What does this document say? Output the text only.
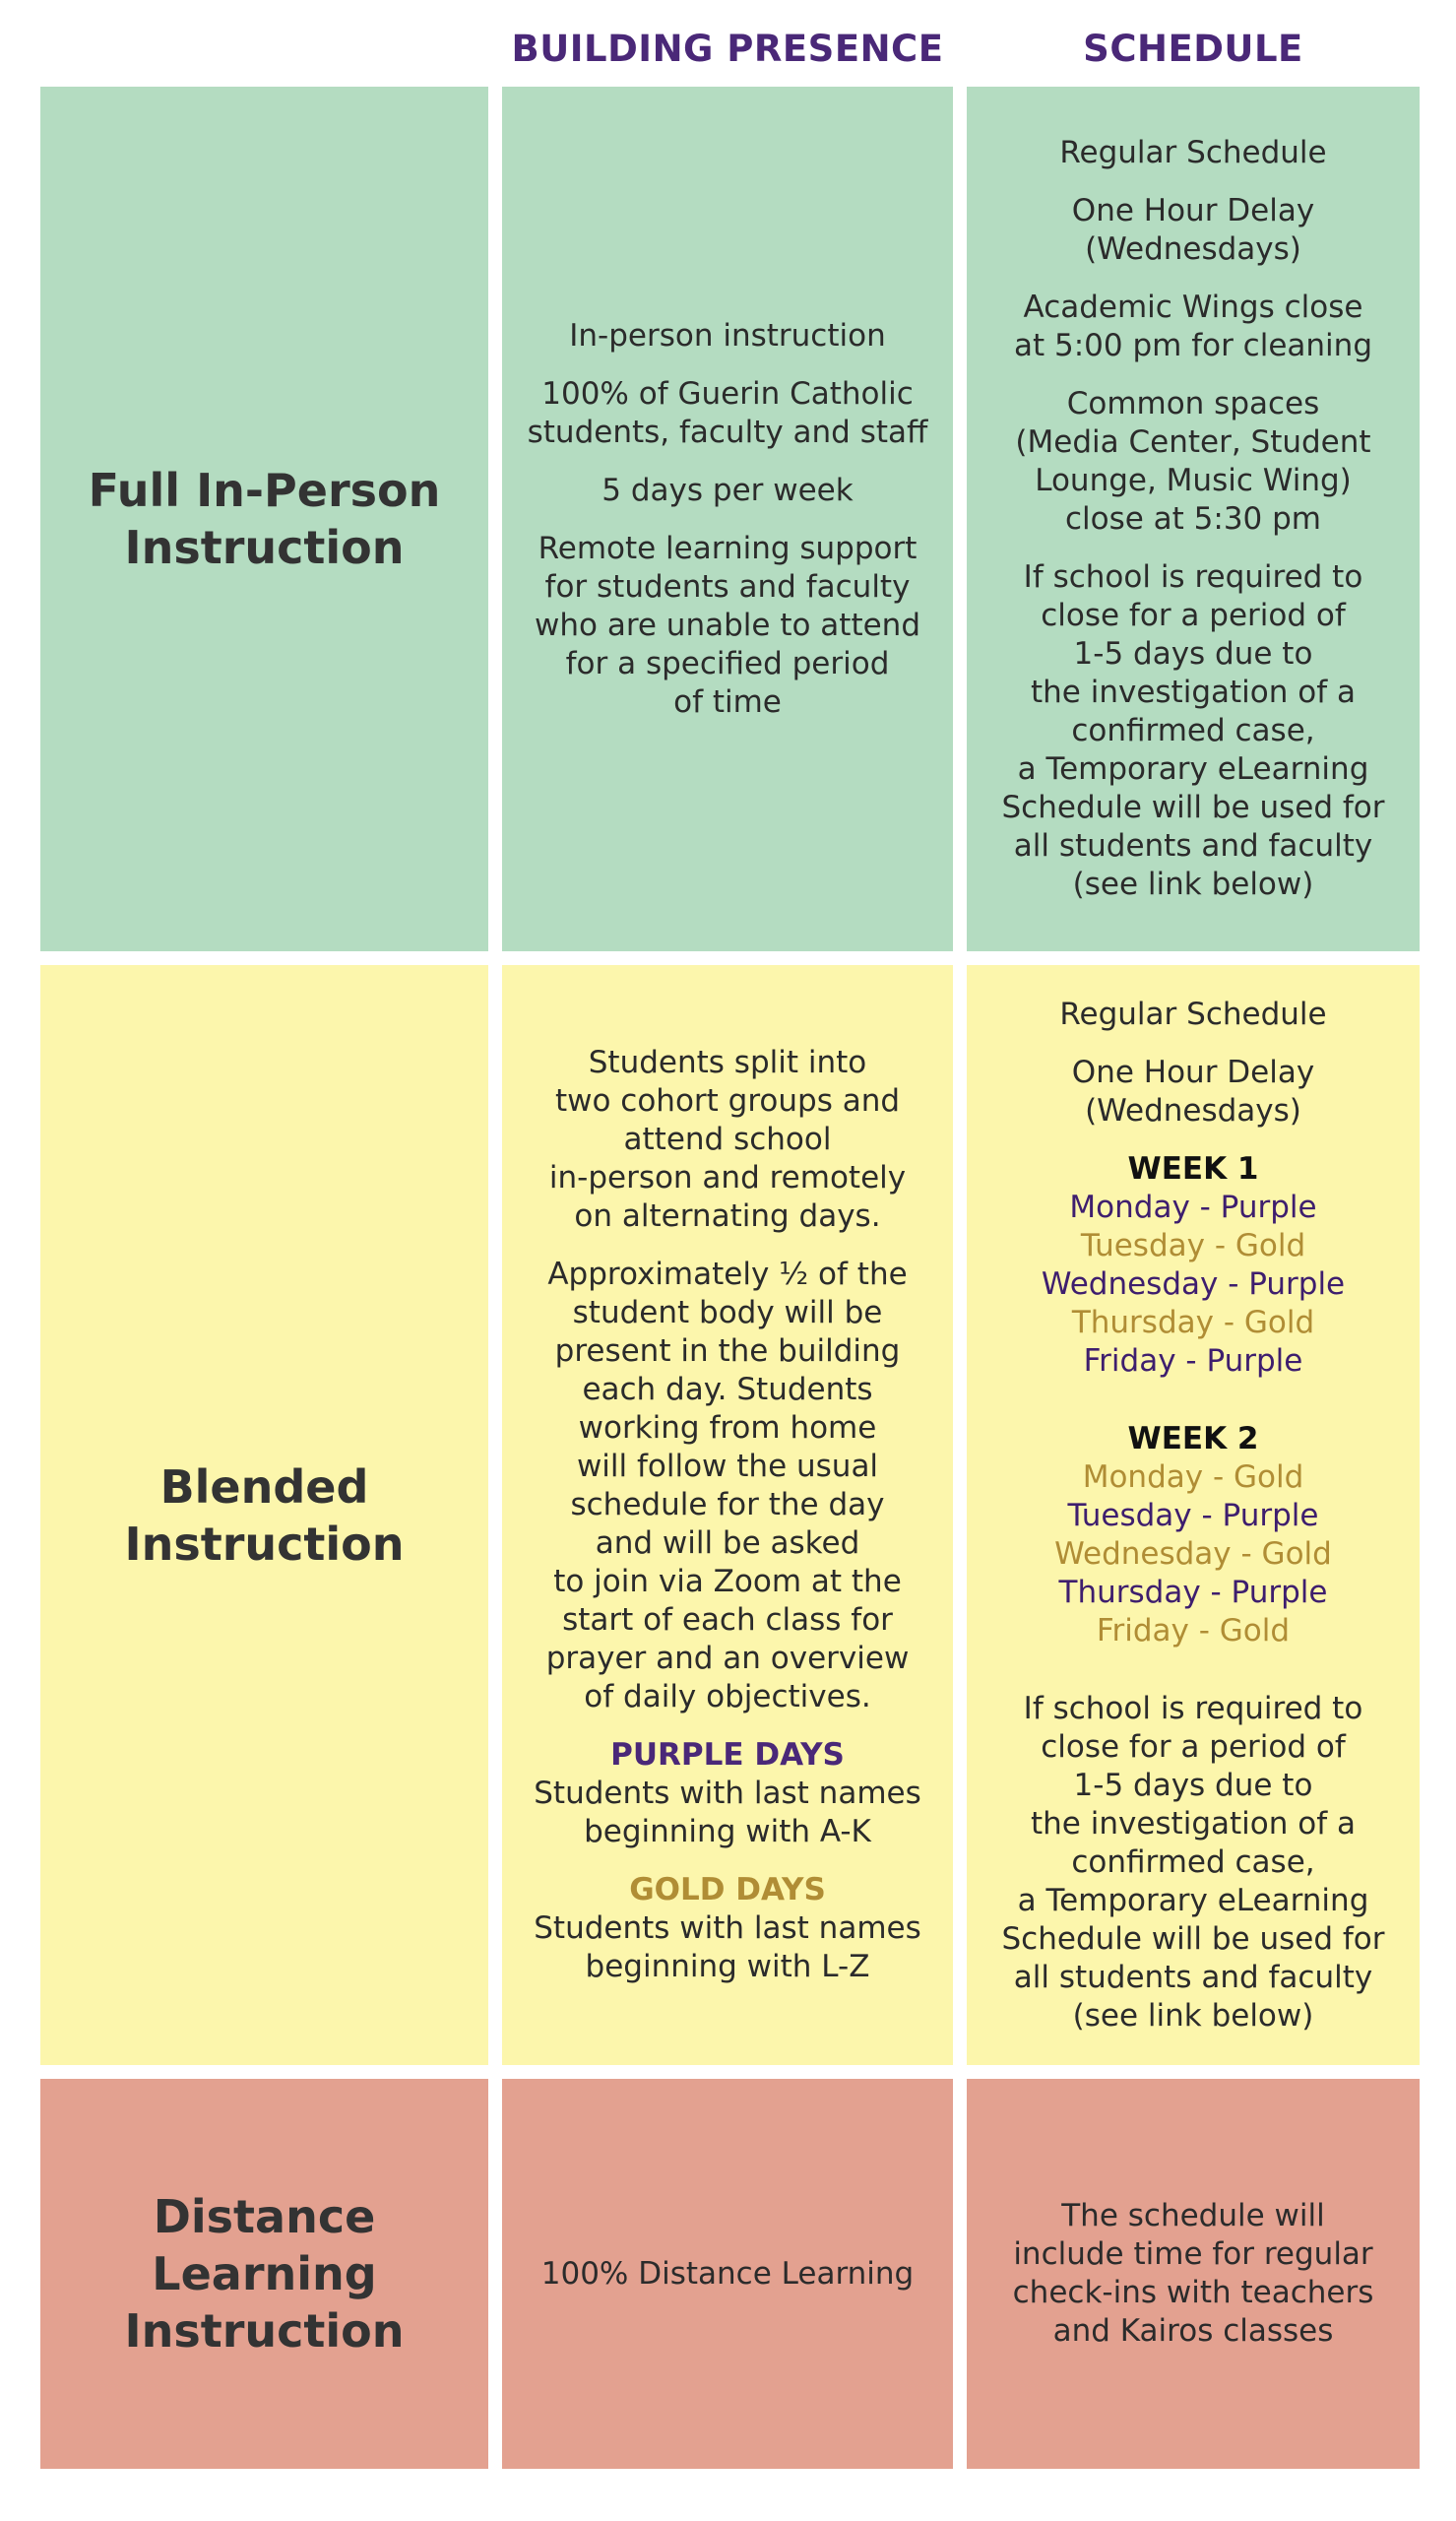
BUILDING PRESENCE	SCHEDULE
Full In-Person
Instruction

In-person instruction

100% of Guerin Catholic
students, faculty and staff

5 days per week

Remote learning support
for students and faculty
who are unable to attend
for a specified period
of time

Regular Schedule

One Hour Delay
(Wednesdays)

Academic Wings close
at 5:00 pm for cleaning

Common spaces
(Media Center, Student
Lounge, Music Wing)
close at 5:30 pm

If school is required to
close for a period of
1-5 days due to
the investigation of a
confirmed case,
a Temporary eLearning
Schedule will be used for
all students and faculty
(see link below)

Blended
Instruction

Students split into
two cohort groups and
attend school
in-person and remotely
on alternating days.

Approximately ½ of the
student body will be
present in the building
each day. Students
working from home
will follow the usual
schedule for the day
and will be asked
to join via Zoom at the
start of each class for
prayer and an overview
of daily objectives.

PURPLE DAYS

Students with last names
beginning with A-K

GOLD DAYS

Students with last names
beginning with L-Z

Regular Schedule

One Hour Delay
(Wednesdays)

WEEK 1

Monday - Purple
Tuesday - Gold
Wednesday - Purple
Thursday - Gold
Friday - Purple

WEEK 2

Monday - Gold
Tuesday - Purple
Wednesday - Gold
Thursday - Purple
Friday - Gold

If school is required to
close for a period of
1-5 days due to
the investigation of a
confirmed case,
a Temporary eLearning
Schedule will be used for
all students and faculty
(see link below)

Distance
Learning
Instruction

100% Distance Learning

The schedule will
include time for regular
check-ins with teachers
and Kairos classes
